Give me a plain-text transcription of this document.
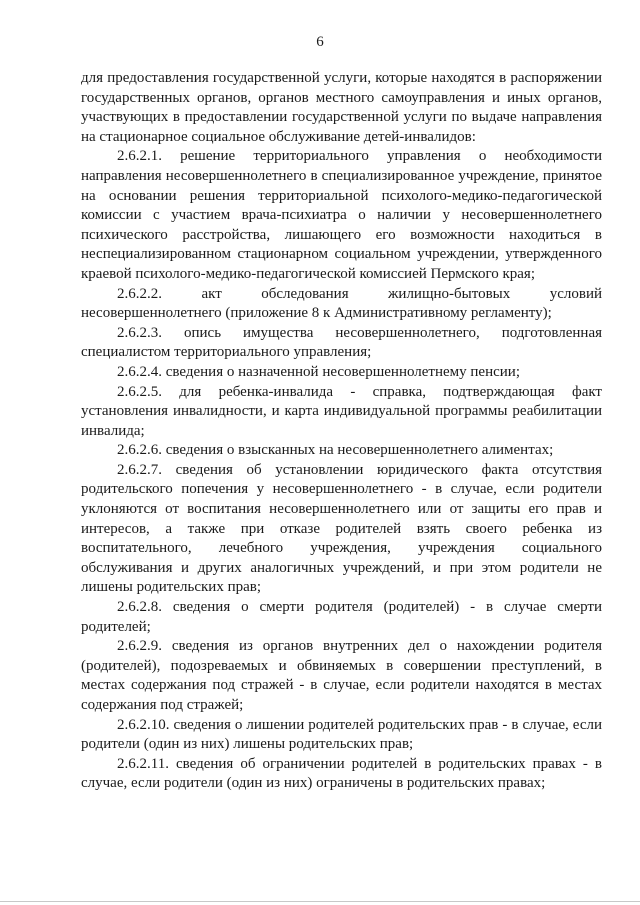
6

для предоставления государственной услуги, которые находятся в распоряжении государственных органов, органов местного самоуправления и иных органов, участвующих в предоставлении государственной услуги по выдаче направления на стационарное социальное обслуживание детей-инвалидов:

2.6.2.1. решение территориального управления о необходимости направления несовершеннолетнего в специализированное учреждение, принятое на основании решения территориальной психолого-медико-педагогической комиссии с участием врача-психиатра о наличии у несовершеннолетнего психического расстройства, лишающего его возможности находиться в неспециализированном стационарном социальном учреждении, утвержденного краевой психолого-медико-педагогической комиссией Пермского края;

2.6.2.2. акт обследования жилищно-бытовых условий несовершеннолетнего (приложение 8 к Административному регламенту);

2.6.2.3. опись имущества несовершеннолетнего, подготовленная специалистом территориального управления;

2.6.2.4. сведения о назначенной несовершеннолетнему пенсии;

2.6.2.5. для ребенка-инвалида - справка, подтверждающая факт установления инвалидности, и карта индивидуальной программы реабилитации инвалида;

2.6.2.6. сведения о взысканных на несовершеннолетнего алиментах;

2.6.2.7. сведения об установлении юридического факта отсутствия родительского попечения у несовершеннолетнего - в случае, если родители уклоняются от воспитания несовершеннолетнего или от защиты его прав и интересов, а также при отказе родителей взять своего ребенка из воспитательного, лечебного учреждения, учреждения социального обслуживания и других аналогичных учреждений, и при этом родители не лишены родительских прав;

2.6.2.8. сведения о смерти родителя (родителей) - в случае смерти родителей;

2.6.2.9. сведения из органов внутренних дел о нахождении родителя (родителей), подозреваемых и обвиняемых в совершении преступлений, в местах содержания под стражей - в случае, если родители находятся в местах содержания под стражей;

2.6.2.10. сведения о лишении родителей родительских прав - в случае, если родители (один из них) лишены родительских прав;

2.6.2.11. сведения об ограничении родителей в родительских правах - в случае, если родители (один из них) ограничены в родительских правах;
